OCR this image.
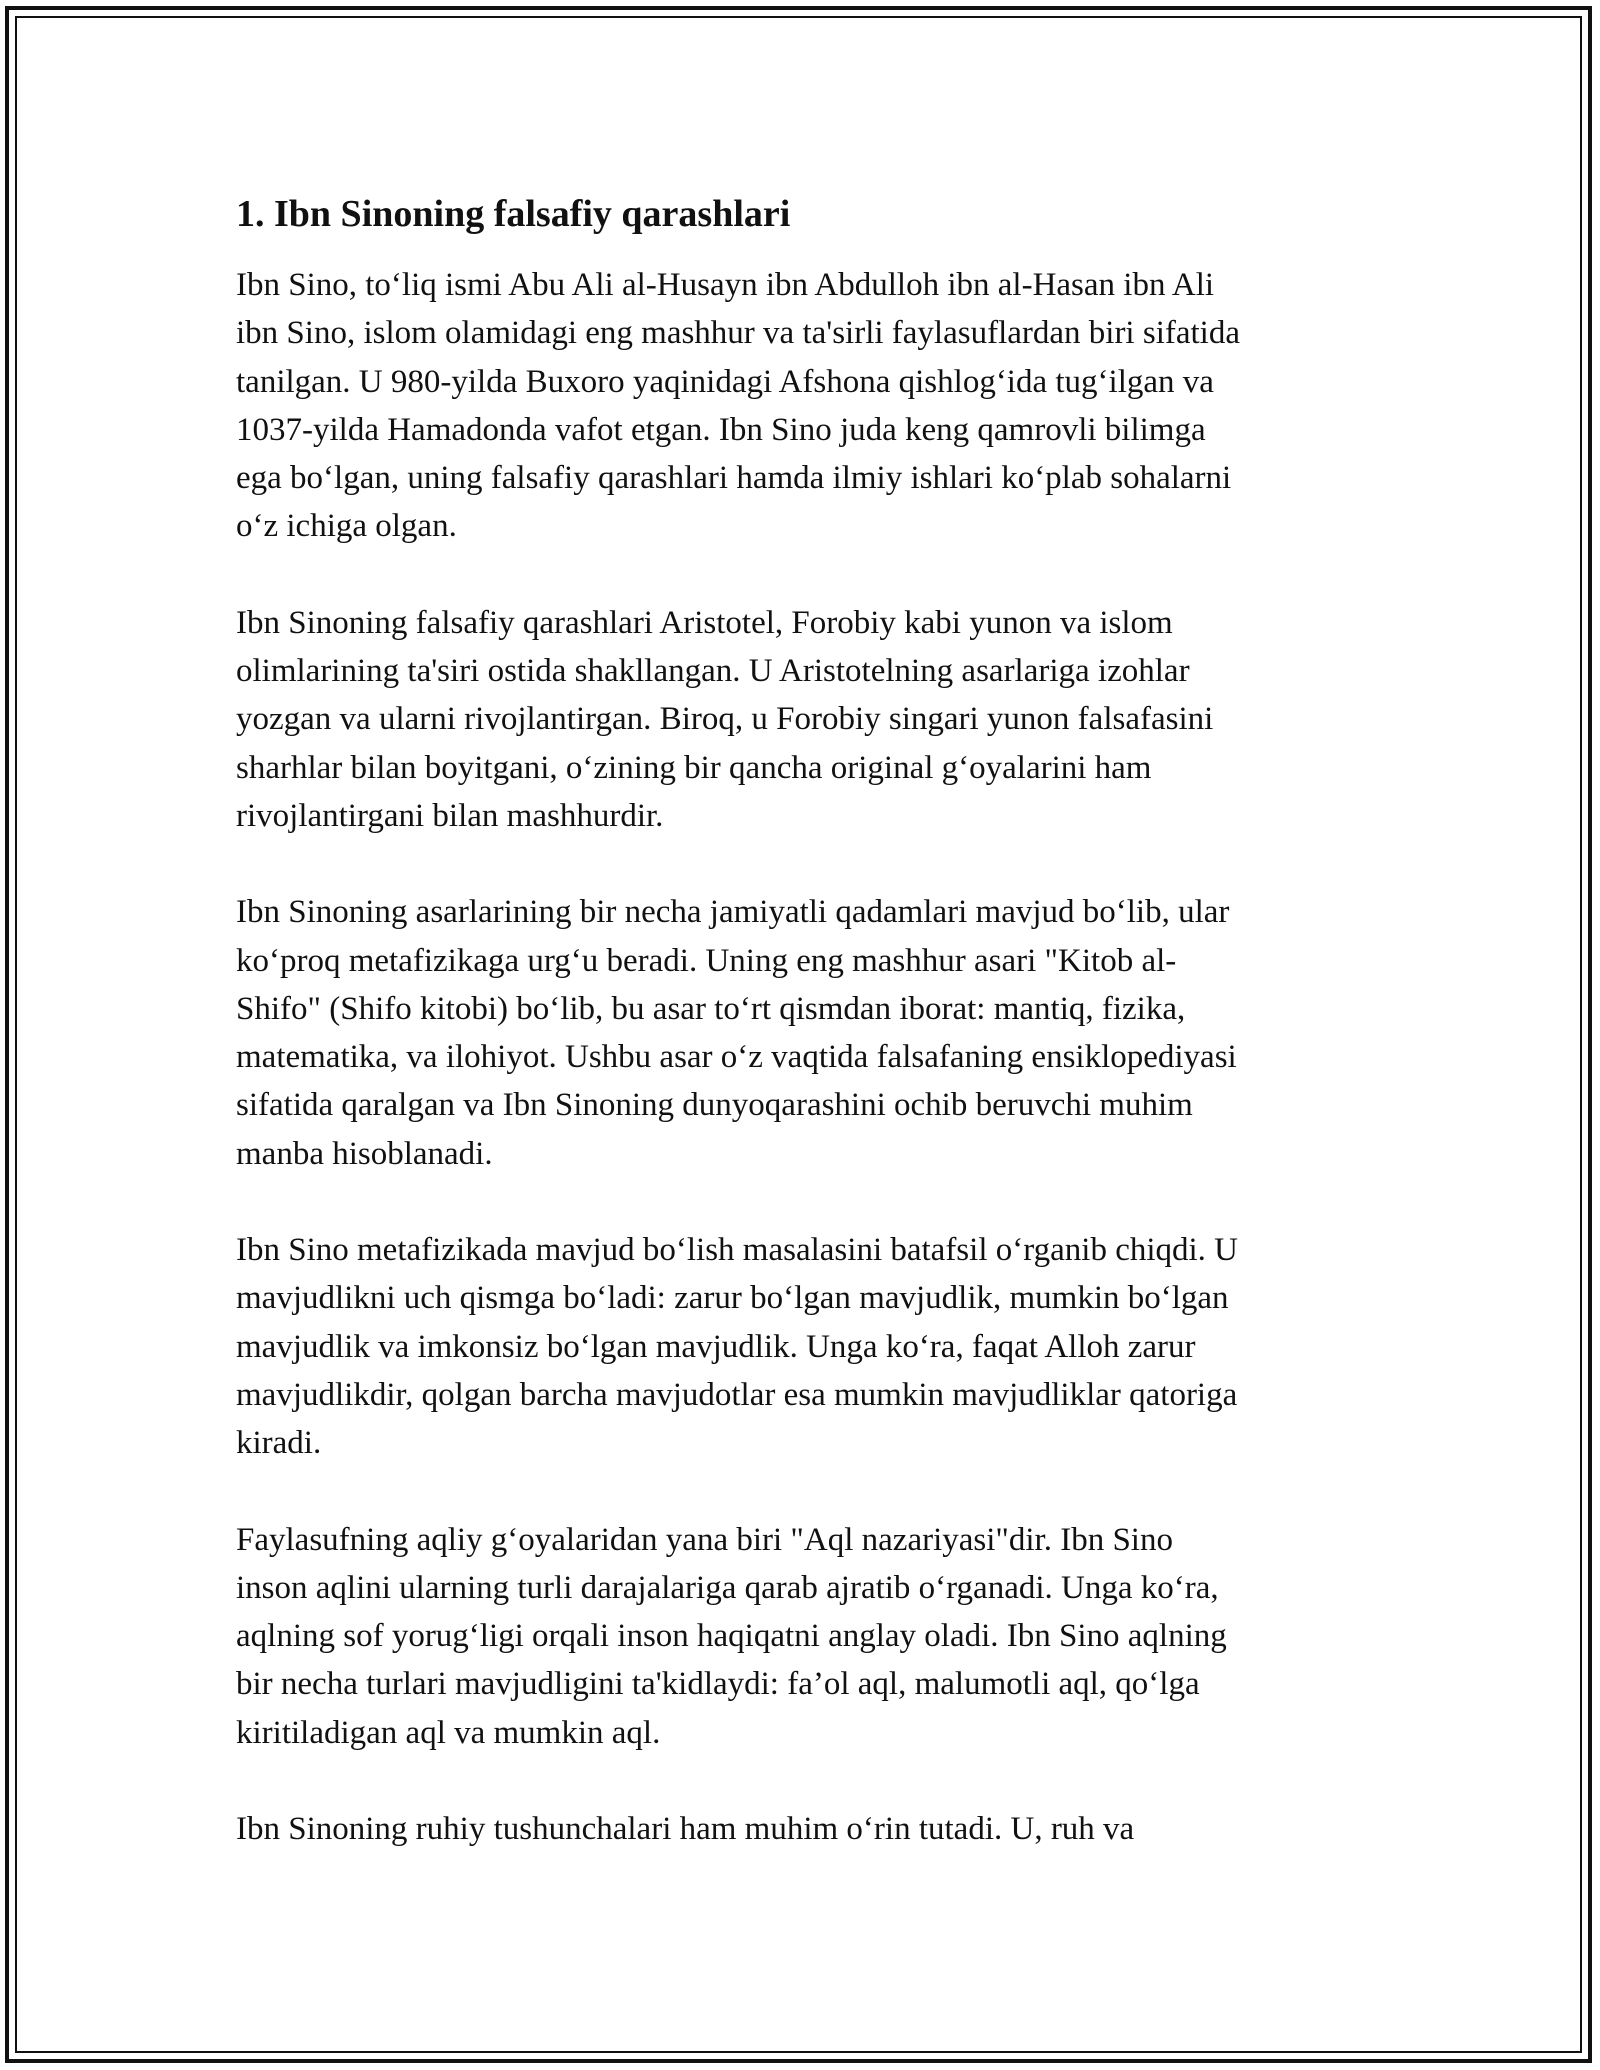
1. Ibn Sinoning falsafiy qarashlari

Ibn Sino, to‘liq ismi Abu Ali al-Husayn ibn Abdulloh ibn al-Hasan ibn Ali
ibn Sino, islom olamidagi eng mashhur va ta'sirli faylasuflardan biri sifatida
tanilgan. U 980-yilda Buxoro yaqinidagi Afshona qishlog‘ida tug‘ilgan va
1037-yilda Hamadonda vafot etgan. Ibn Sino juda keng qamrovli bilimga
ega bo‘lgan, uning falsafiy qarashlari hamda ilmiy ishlari ko‘plab sohalarni
o‘z ichiga olgan.

Ibn Sinoning falsafiy qarashlari Aristotel, Forobiy kabi yunon va islom
olimlarining ta'siri ostida shakllangan. U Aristotelning asarlariga izohlar
yozgan va ularni rivojlantirgan. Biroq, u Forobiy singari yunon falsafasini
sharhlar bilan boyitgani, o‘zining bir qancha original g‘oyalarini ham
rivojlantirgani bilan mashhurdir.

Ibn Sinoning asarlarining bir necha jamiyatli qadamlari mavjud bo‘lib, ular
ko‘proq metafizikaga urg‘u beradi. Uning eng mashhur asari "Kitob al-
Shifo" (Shifo kitobi) bo‘lib, bu asar to‘rt qismdan iborat: mantiq, fizika,
matematika, va ilohiyot. Ushbu asar o‘z vaqtida falsafaning ensiklopediyasi
sifatida qaralgan va Ibn Sinoning dunyoqarashini ochib beruvchi muhim
manba hisoblanadi.

Ibn Sino metafizikada mavjud bo‘lish masalasini batafsil o‘rganib chiqdi. U
mavjudlikni uch qismga bo‘ladi: zarur bo‘lgan mavjudlik, mumkin bo‘lgan
mavjudlik va imkonsiz bo‘lgan mavjudlik. Unga ko‘ra, faqat Alloh zarur
mavjudlikdir, qolgan barcha mavjudotlar esa mumkin mavjudliklar qatoriga
kiradi.

Faylasufning aqliy g‘oyalaridan yana biri "Aql nazariyasi"dir. Ibn Sino
inson aqlini ularning turli darajalariga qarab ajratib o‘rganadi. Unga ko‘ra,
aqlning sof yorug‘ligi orqali inson haqiqatni anglay oladi. Ibn Sino aqlning
bir necha turlari mavjudligini ta'kidlaydi: fa’ol aql, malumotli aql, qo‘lga
kiritiladigan aql va mumkin aql.

Ibn Sinoning ruhiy tushunchalari ham muhim o‘rin tutadi. U, ruh va
